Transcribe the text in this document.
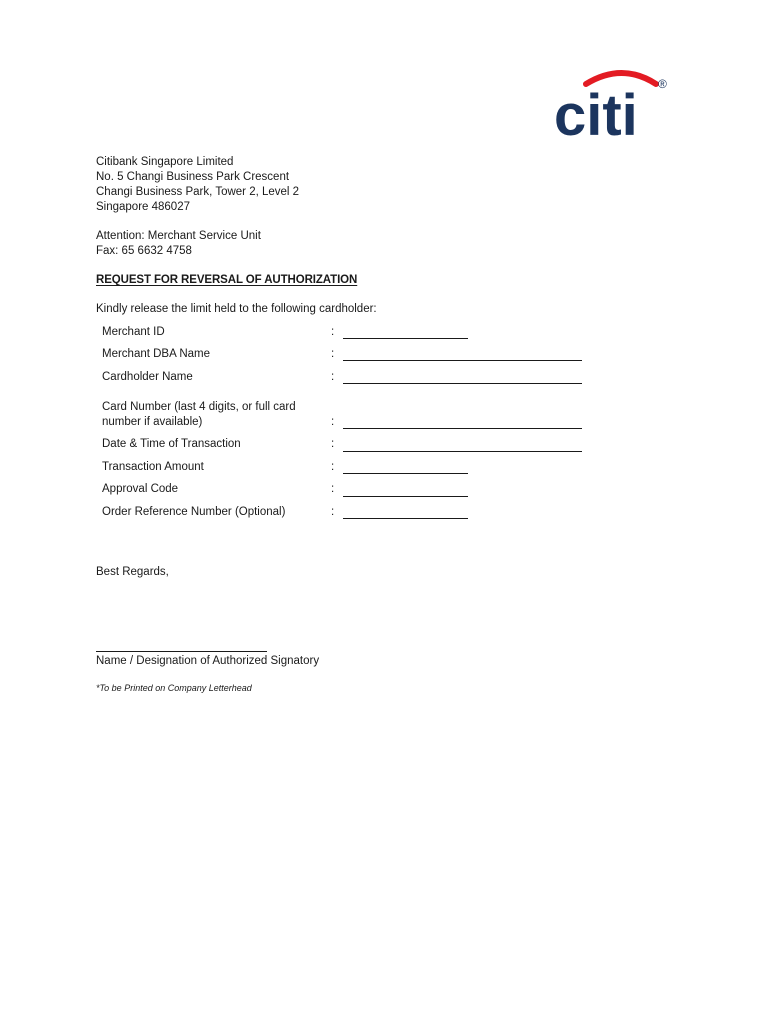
citi ®
Citibank Singapore Limited
No. 5 Changi Business Park Crescent
Changi Business Park, Tower 2, Level 2
Singapore 486027
Attention: Merchant Service Unit
Fax: 65 6632 4758
REQUEST FOR REVERSAL OF AUTHORIZATION
Kindly release the limit held to the following cardholder:
Merchant ID	:
Merchant DBA Name	:
Cardholder Name	:
Card Number (last 4 digits, or full card
number if available)	:
Date & Time of Transaction	:
Transaction Amount	:
Approval Code	:
Order Reference Number (Optional)	:
Best Regards,
Name / Designation of Authorized Signatory
*To be Printed on Company Letterhead
